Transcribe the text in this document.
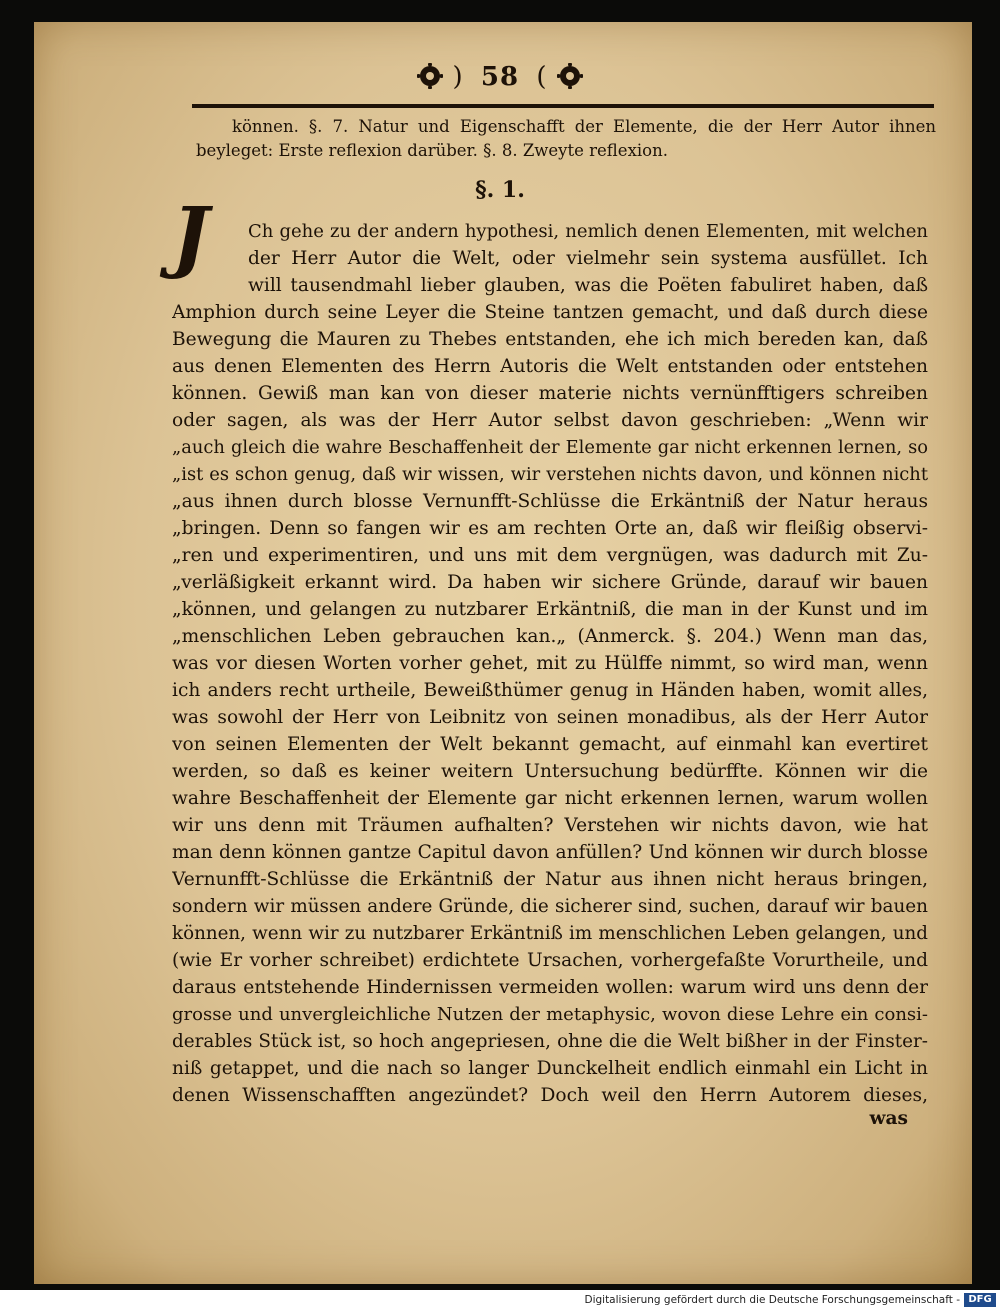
) 58 (
können. §. 7. Natur und Eigenschafft der Elemente, die der Herr Autor ihnen
beyleget: Erste reflexion darüber. §. 8. Zweyte reflexion.
§. 1.
J	Ch gehe zu der andern hypothesi, nemlich denen Elementen, mit welchen
der Herr Autor die Welt, oder vielmehr sein systema ausfüllet. Ich
will tausendmahl lieber glauben, was die Poëten fabuliret haben, daß
Amphion durch seine Leyer die Steine tantzen gemacht, und daß durch diese
Bewegung die Mauren zu Thebes entstanden, ehe ich mich bereden kan, daß
aus denen Elementen des Herrn Autoris die Welt entstanden oder entstehen
können. Gewiß man kan von dieser materie nichts vernünfftigers schreiben
oder sagen, als was der Herr Autor selbst davon geschrieben: „Wenn wir
„auch gleich die wahre Beschaffenheit der Elemente gar nicht erkennen lernen, so
„ist es schon genug, daß wir wissen, wir verstehen nichts davon, und können nicht
„aus ihnen durch blosse Vernunfft-Schlüsse die Erkäntniß der Natur heraus
„bringen. Denn so fangen wir es am rechten Orte an, daß wir fleißig observi-
„ren und experimentiren, und uns mit dem vergnügen, was dadurch mit Zu-
„verläßigkeit erkannt wird. Da haben wir sichere Gründe, darauf wir bauen
„können, und gelangen zu nutzbarer Erkäntniß, die man in der Kunst und im
„menschlichen Leben gebrauchen kan.„ (Anmerck. §. 204.) Wenn man das,
was vor diesen Worten vorher gehet, mit zu Hülffe nimmt, so wird man, wenn
ich anders recht urtheile, Beweißthümer genug in Händen haben, womit alles,
was sowohl der Herr von Leibnitz von seinen monadibus, als der Herr Autor
von seinen Elementen der Welt bekannt gemacht, auf einmahl kan evertiret
werden, so daß es keiner weitern Untersuchung bedürffte. Können wir die
wahre Beschaffenheit der Elemente gar nicht erkennen lernen, warum wollen
wir uns denn mit Träumen aufhalten? Verstehen wir nichts davon, wie hat
man denn können gantze Capitul davon anfüllen? Und können wir durch blosse
Vernunfft-Schlüsse die Erkäntniß der Natur aus ihnen nicht heraus bringen,
sondern wir müssen andere Gründe, die sicherer sind, suchen, darauf wir bauen
können, wenn wir zu nutzbarer Erkäntniß im menschlichen Leben gelangen, und
(wie Er vorher schreibet) erdichtete Ursachen, vorhergefaßte Vorurtheile, und
daraus entstehende Hindernissen vermeiden wollen: warum wird uns denn der
grosse und unvergleichliche Nutzen der metaphysic, wovon diese Lehre ein consi-
derables Stück ist, so hoch angepriesen, ohne die die Welt bißher in der Finster-
niß getappet, und die nach so langer Dunckelheit endlich einmahl ein Licht in
denen Wissenschafften angezündet? Doch weil den Herrn Autorem dieses,
was
Digitalisierung gefördert durch die Deutsche Forschungsgemeinschaft - DFG
